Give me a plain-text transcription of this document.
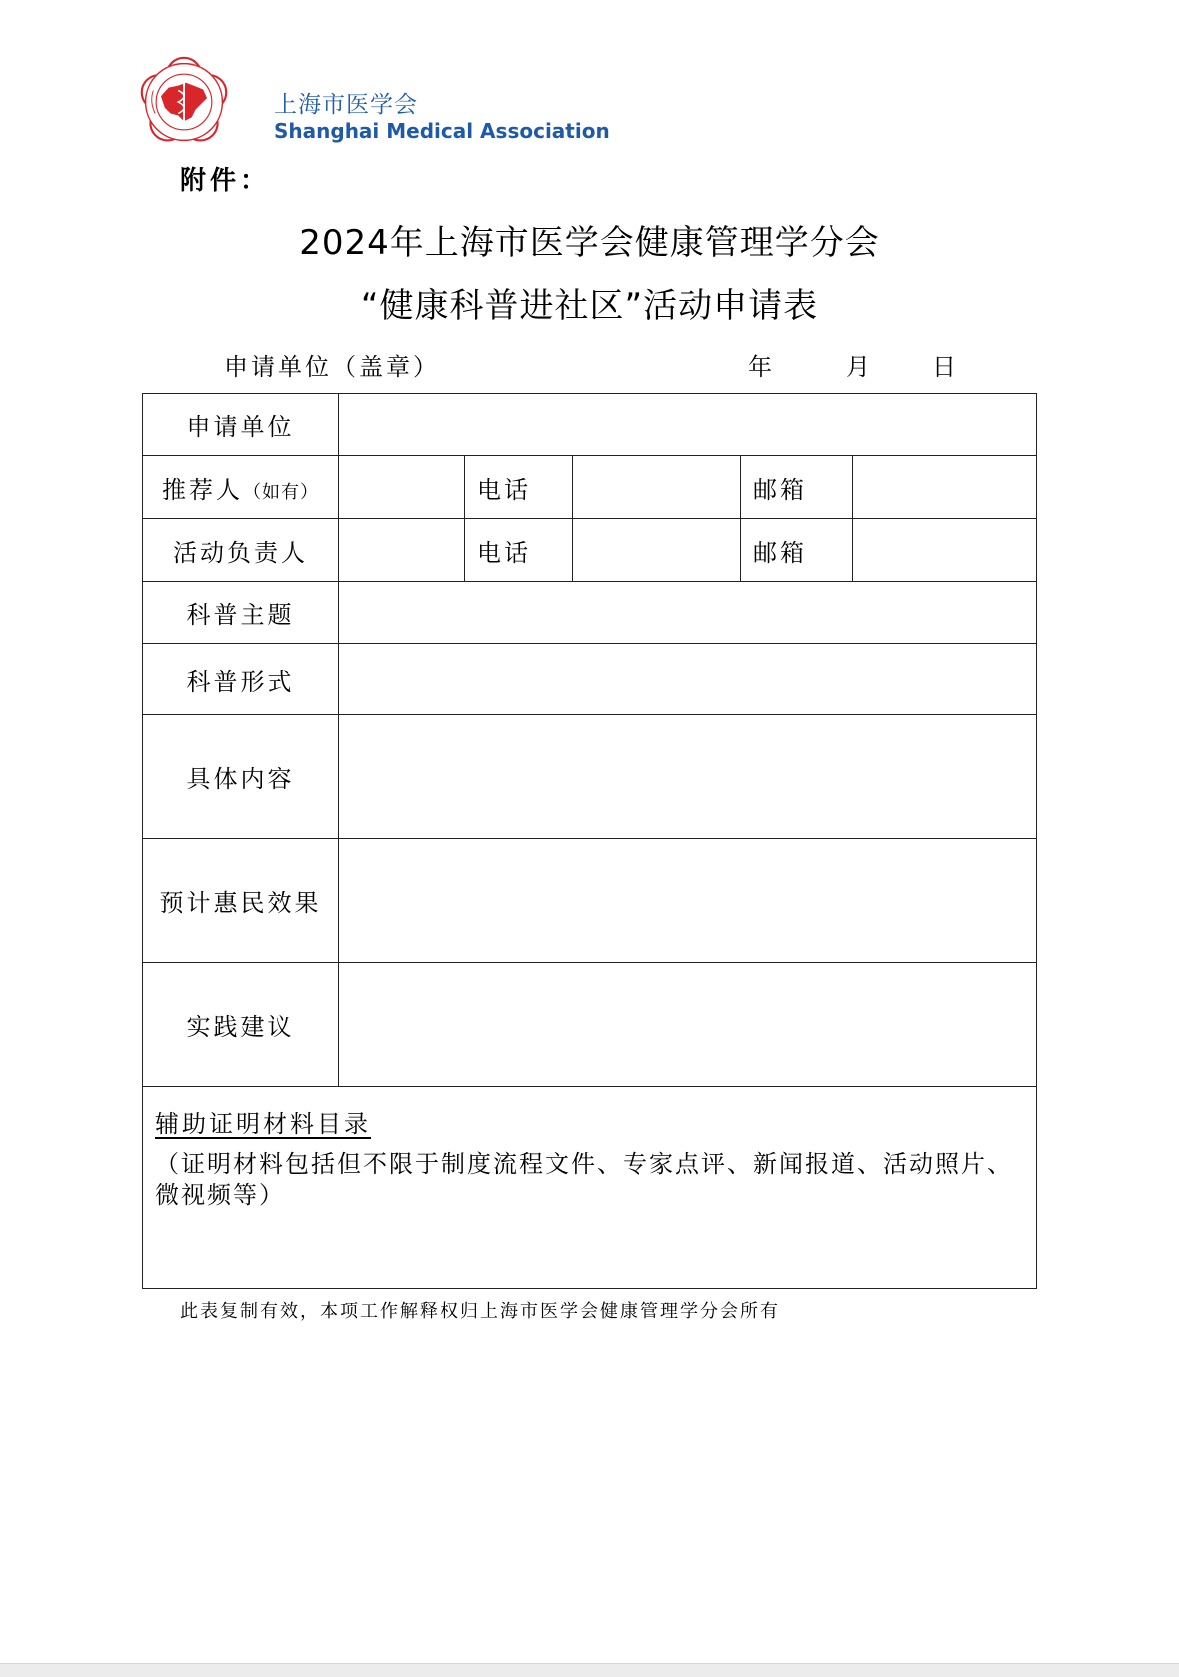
上海市医学会
Shanghai Medical Association
附件：
2024年上海市医学会健康管理学分会
“健康科普进社区”活动申请表
申请单位（盖章）	年	月	日
申请单位					
推荐人（如有）		电话		邮箱	
活动负责人		电话		邮箱	
科普主题					
科普形式					
具体内容					
预计惠民效果					
实践建议					

辅助证明材料目录
（证明材料包括但不限于制度流程文件、专家点评、新闻报道、活动照片、微视频等）					
此表复制有效，本项工作解释权归上海市医学会健康管理学分会所有
